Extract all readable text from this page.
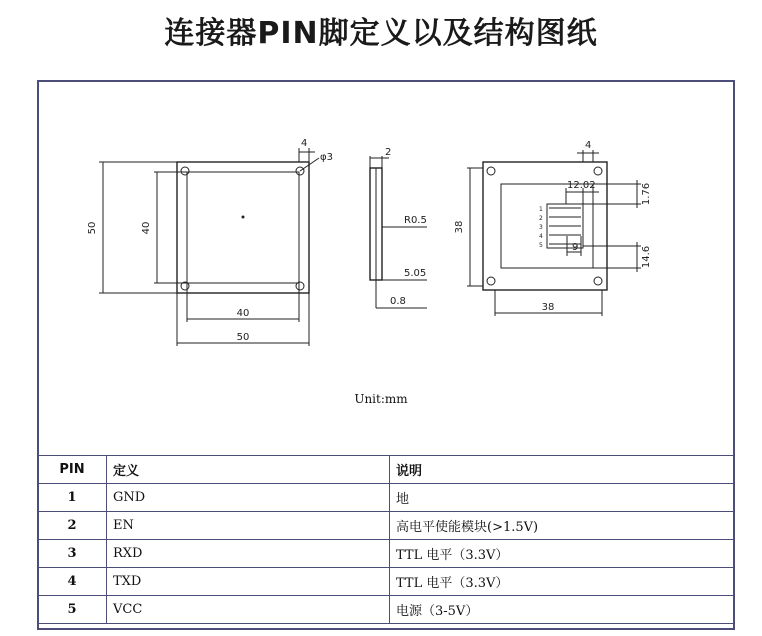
连接器PIN脚定义以及结构图纸
50	40
40
50
4
φ3	2
R0.5
5.05
0.8
38
38
4
12.02	1.76
14.6
9
1
2
3
4
5
Unit:mm
PIN	定义	说明
1	GND	地
2	EN	高电平使能模块(>1.5V)
3	RXD	TTL 电平（3.3V）
4	TXD	TTL 电平（3.3V）
5	VCC	电源（3-5V）
